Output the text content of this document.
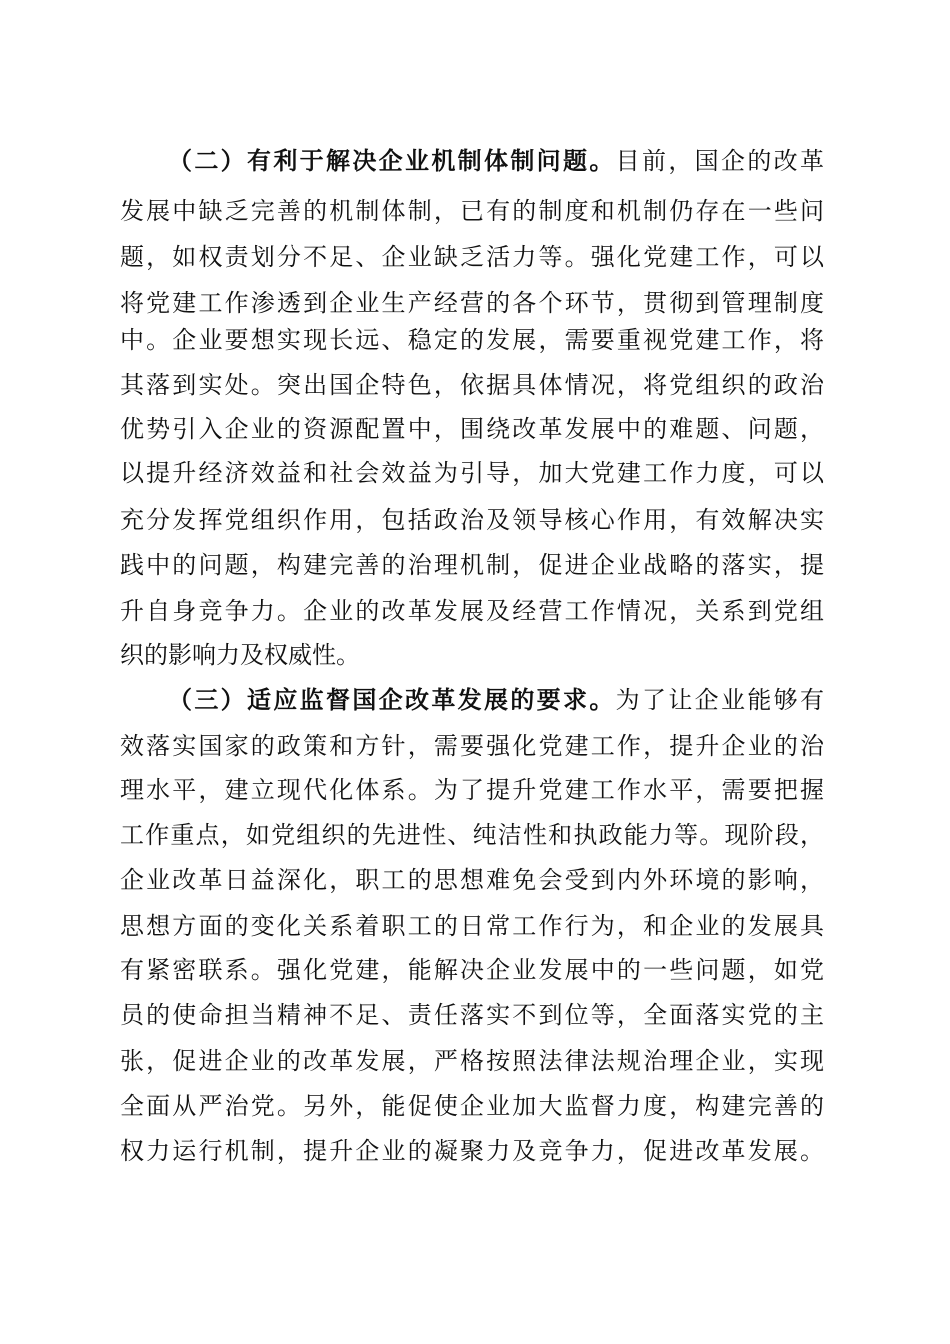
（二）有利于解决企业机制体制问题。目前，国企的改革

发展中缺乏完善的机制体制，已有的制度和机制仍存在一些问

题，如权责划分不足、企业缺乏活力等。强化党建工作，可以

将党建工作渗透到企业生产经营的各个环节，贯彻到管理制度

中。企业要想实现长远、稳定的发展，需要重视党建工作，将

其落到实处。突出国企特色，依据具体情况，将党组织的政治

优势引入企业的资源配置中，围绕改革发展中的难题、问题，

以提升经济效益和社会效益为引导，加大党建工作力度，可以

充分发挥党组织作用，包括政治及领导核心作用，有效解决实

践中的问题，构建完善的治理机制，促进企业战略的落实，提

升自身竞争力。企业的改革发展及经营工作情况，关系到党组

织的影响力及权威性。

（三）适应监督国企改革发展的要求。为了让企业能够有

效落实国家的政策和方针，需要强化党建工作，提升企业的治

理水平，建立现代化体系。为了提升党建工作水平，需要把握

工作重点，如党组织的先进性、纯洁性和执政能力等。现阶段，

企业改革日益深化，职工的思想难免会受到内外环境的影响，

思想方面的变化关系着职工的日常工作行为，和企业的发展具

有紧密联系。强化党建，能解决企业发展中的一些问题，如党

员的使命担当精神不足、责任落实不到位等，全面落实党的主

张，促进企业的改革发展，严格按照法律法规治理企业，实现

全面从严治党。另外，能促使企业加大监督力度，构建完善的

权力运行机制，提升企业的凝聚力及竞争力，促进改革发展。
